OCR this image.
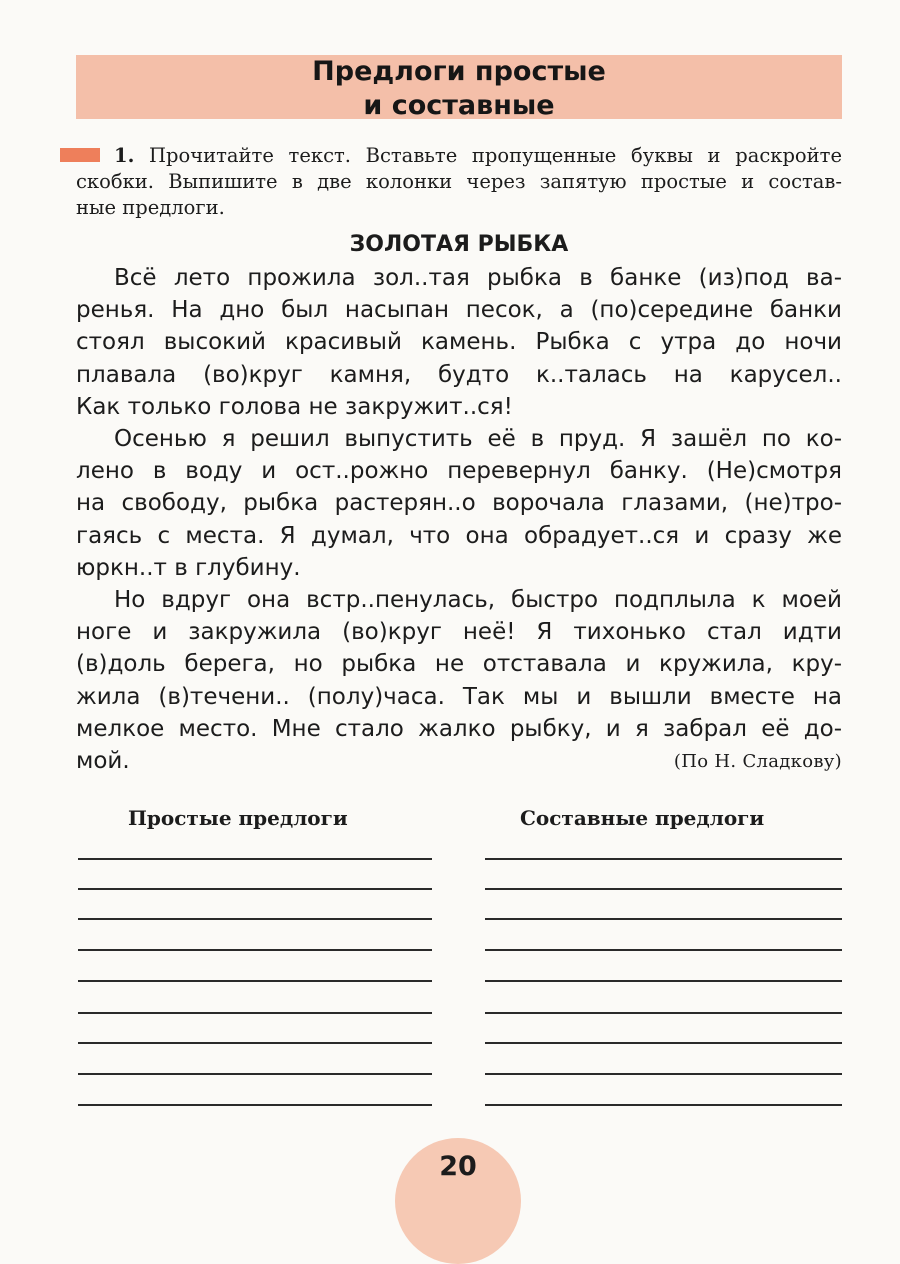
Предлоги простые
и составные
1. Прочитайте текст. Вставьте пропущенные буквы и раскройте
скобки. Выпишите в две колонки через запятую простые и состав-
ные предлоги.
ЗОЛОТАЯ РЫБКА
Всё лето прожила зол..тая рыбка в банке (из)под ва-
ренья. На дно был насыпан песок, а (по)середине банки
стоял высокий красивый камень. Рыбка с утра до ночи
плавала (во)круг камня, будто к..талась на карусел..
Как только голова не закружит..ся!
Осенью я решил выпустить её в пруд. Я зашёл по ко-
лено в воду и ост..рожно перевернул банку. (Не)смотря
на свободу, рыбка растерян..о ворочала глазами, (не)тро-
гаясь с места. Я думал, что она обрадует..ся и сразу же
юркн..т в глубину.
Но вдруг она встр..пенулась, быстро подплыла к моей
ноге и закружила (во)круг неё! Я тихонько стал идти
(в)доль берега, но рыбка не отставала и кружила, кру-
жила (в)течени.. (полу)часа. Так мы и вышли вместе на
мелкое место. Мне стало жалко рыбку, и я забрал её до-
мой.	(По Н. Сладкову)
Простые предлоги	Составные предлоги
20
